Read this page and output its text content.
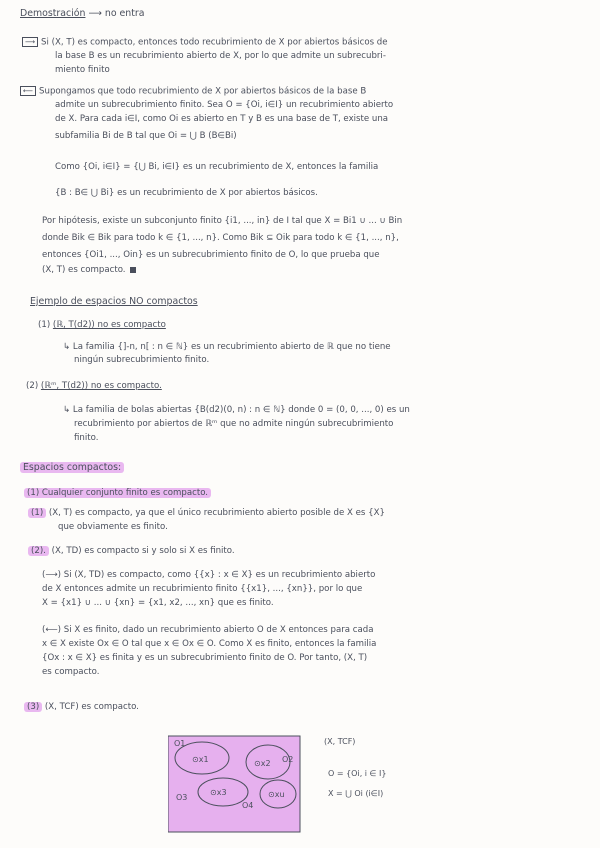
Demostración ⟶ no entra
⟶ Si (X, T) es compacto, entonces todo recubrimiento de X por abiertos básicos de
la base B es un recubrimiento abierto de X, por lo que admite un subrecubri-
miento finito
⟵ Supongamos que todo recubrimiento de X por abiertos básicos de la base B
admite un subrecubrimiento finito. Sea O = {Oi, i∈I} un recubrimiento abierto
de X. Para cada i∈I, como Oi es abierto en T y B es una base de T, existe una
subfamilia Bi de B tal que Oi = ⋃ B (B∈Bi)
Como {Oi, i∈I} = {⋃ Bi, i∈I} es un recubrimiento de X, entonces la familia
{B : B∈ ⋃ Bi} es un recubrimiento de X por abiertos básicos.
Por hipótesis, existe un subconjunto finito {i1, ..., in} de I tal que X = Bi1 ∪ ... ∪ Bin
donde Bik ∈ Bik para todo k ∈ {1, ..., n}. Como Bik ⊆ Oik para todo k ∈ {1, ..., n},
entonces {Oi1, ..., Oin} es un subrecubrimiento finito de O, lo que prueba que
(X, T) es compacto.
Ejemplo de espacios NO compactos
(1) (ℝ, T(d2)) no es compacto
↳ La familia {]-n, n[ : n ∈ ℕ} es un recubrimiento abierto de ℝ que no tiene
ningún subrecubrimiento finito.
(2) (ℝᵐ, T(d2)) no es compacto.
↳ La familia de bolas abiertas {B(d2)(0, n) : n ∈ ℕ} donde 0 = (0, 0, ..., 0) es un
recubrimiento por abiertos de ℝᵐ que no admite ningún subrecubrimiento
finito.
Espacios compactos:
(1) Cualquier conjunto finito es compacto.
(1) (X, T) es compacto, ya que el único recubrimiento abierto posible de X es {X}
que obviamente es finito.
(2). (X, TD) es compacto si y solo si X es finito.
(⟶) Si (X, TD) es compacto, como {{x} : x ∈ X} es un recubrimiento abierto
de X entonces admite un recubrimiento finito {{x1}, ..., {xn}}, por lo que
X = {x1} ∪ ... ∪ {xn} = {x1, x2, ..., xn} que es finito.
(⟵) Si X es finito, dado un recubrimiento abierto O de X entonces para cada
x ∈ X existe Ox ∈ O tal que x ∈ Ox ∈ O. Como X es finito, entonces la familia
{Ox : x ∈ X} es finita y es un subrecubrimiento finito de O. Por tanto, (X, T)
es compacto.
(3) (X, TCF) es compacto.
O1
O2
O3
O4
⊙x1	⊙x2
⊙x3	⊙xu
(X, TCF)
O = {Oi, i ∈ I}
X = ⋃ Oi (i∈I)
